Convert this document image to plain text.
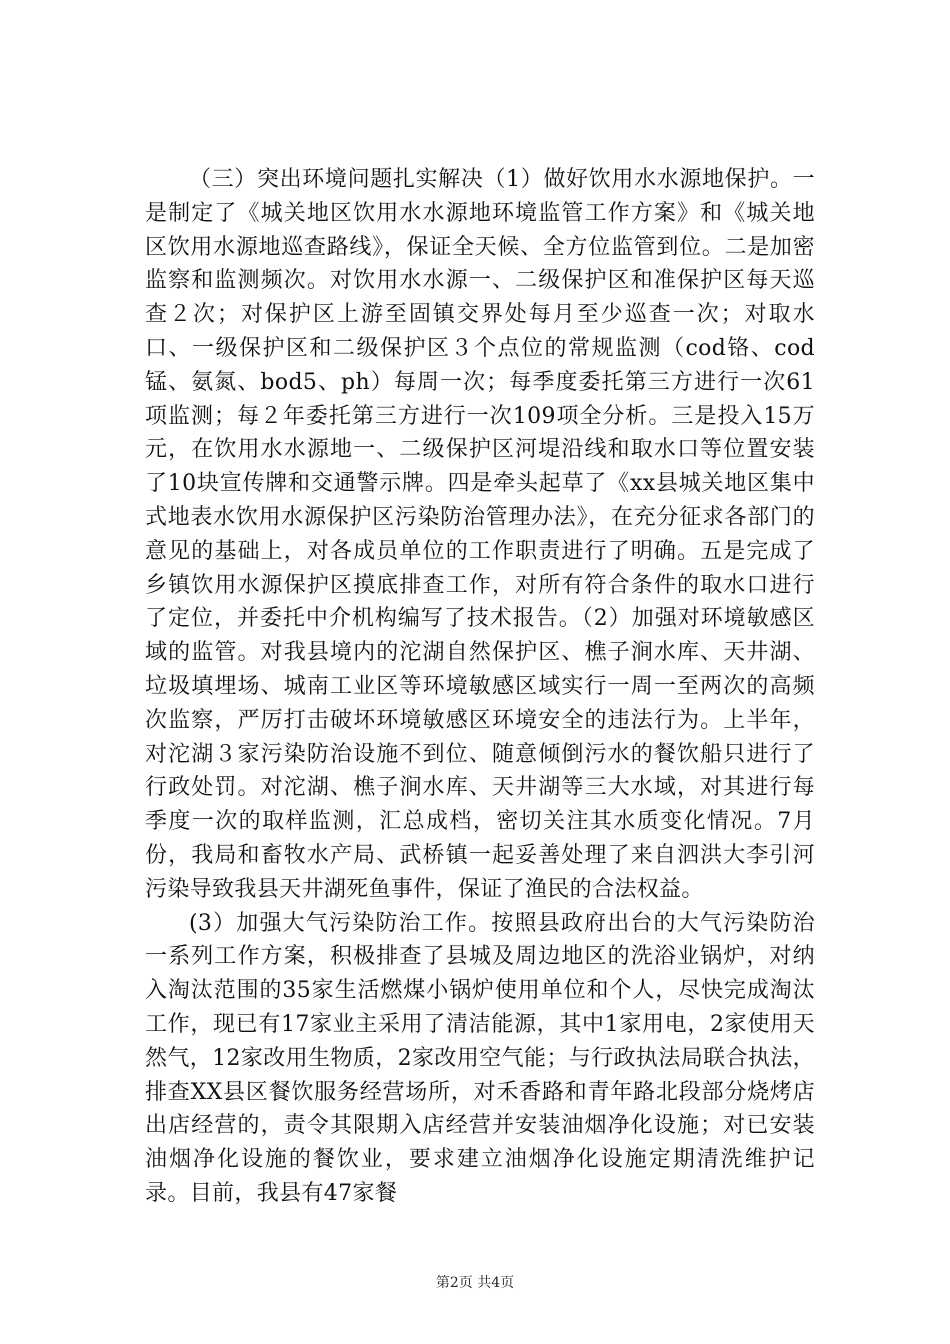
（三）突出环境问题扎实解决（1）做好饮用水水源地保护。一是制定了《城关地区饮用水水源地环境监管工作方案》和《城关地区饮用水源地巡查路线》，保证全天候、全方位监管到位。二是加密监察和监测频次。对饮用水水源一、二级保护区和准保护区每天巡查２次；对保护区上游至固镇交界处每月至少巡查一次；对取水口、一级保护区和二级保护区３个点位的常规监测（cod铬、cod锰、氨氮、bod5、ph）每周一次；每季度委托第三方进行一次61项监测；每２年委托第三方进行一次109项全分析。三是投入15万元，在饮用水水源地一、二级保护区河堤沿线和取水口等位置安装了10块宣传牌和交通警示牌。四是牵头起草了《xx县城关地区集中式地表水饮用水源保护区污染防治管理办法》，在充分征求各部门的意见的基础上，对各成员单位的工作职责进行了明确。五是完成了乡镇饮用水源保护区摸底排查工作，对所有符合条件的取水口进行了定位，并委托中介机构编写了技术报告。（2）加强对环境敏感区域的监管。对我县境内的沱湖自然保护区、樵子涧水库、天井湖、垃圾填埋场、城南工业区等环境敏感区域实行一周一至两次的高频次监察，严厉打击破坏环境敏感区环境安全的违法行为。上半年，对沱湖３家污染防治设施不到位、随意倾倒污水的餐饮船只进行了行政处罚。对沱湖、樵子涧水库、天井湖等三大水域，对其进行每季度一次的取样监测，汇总成档，密切关注其水质变化情况。7月份，我局和畜牧水产局、武桥镇一起妥善处理了来自泗洪大李引河污染导致我县天井湖死鱼事件，保证了渔民的合法权益。

(3）加强大气污染防治工作。按照县政府出台的大气污染防治一系列工作方案，积极排查了县城及周边地区的洗浴业锅炉，对纳入淘汰范围的35家生活燃煤小锅炉使用单位和个人，尽快完成淘汰工作，现已有17家业主采用了清洁能源，其中1家用电，2家使用天然气，12家改用生物质，2家改用空气能；与行政执法局联合执法，排查XX县区餐饮服务经营场所，对禾香路和青年路北段部分烧烤店出店经营的，责令其限期入店经营并安装油烟净化设施；对已安装油烟净化设施的餐饮业，要求建立油烟净化设施定期清洗维护记录。目前，我县有47家餐

第2页 共4页
